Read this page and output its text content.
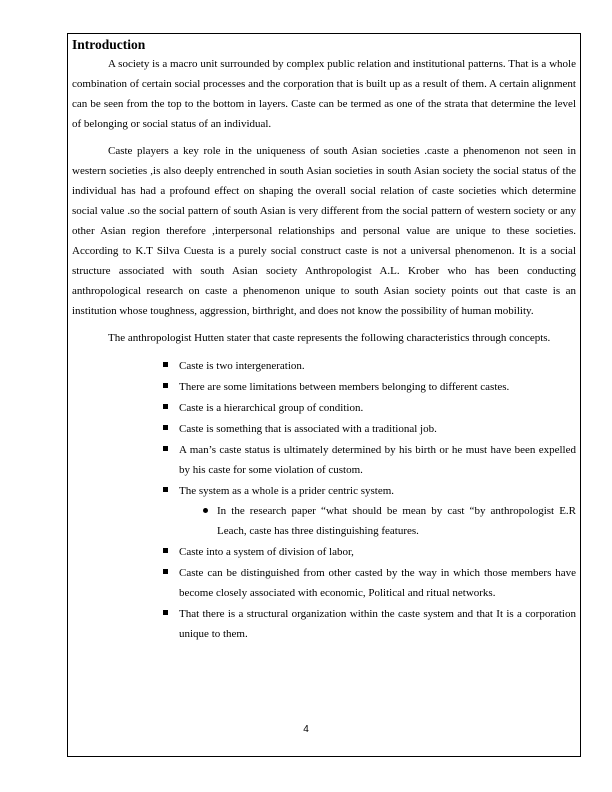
Introduction

A society is a macro unit surrounded by complex public relation and institutional patterns. That is a whole combination of certain social processes and the corporation that is built up as a result of them. A certain alignment can be seen from the top to the bottom in layers. Caste can be termed as one of the strata that determine the level of belonging or social status of an individual.

Caste players a key role in the uniqueness of south Asian societies .caste a phenomenon not seen in western societies ,is also deeply entrenched in south Asian societies in south Asian society the social status of the individual has had a profound effect on shaping the overall social relation of caste societies which determine social value .so the social pattern of south Asian is very different from the social pattern of western society or any other Asian region therefore ,interpersonal relationships and personal value are unique to these societies. According to K.T Silva Cuesta is a purely social construct caste is not a universal phenomenon. It is a social structure associated with south Asian society Anthropologist A.L. Krober who has been conducting anthropological research on caste a phenomenon unique to south Asian society points out that caste is an institution whose toughness, aggression, birthright, and does not know the possibility of human mobility.

The anthropologist Hutten stater that caste represents the following characteristics through concepts.

Caste is two intergeneration.
There are some limitations between members belonging to different castes.
Caste is a hierarchical group of condition.
Caste is something that is associated with a traditional job.
A man’s caste status is ultimately determined by his birth or he must have been expelled by his caste for some violation of custom.
The system as a whole is a prider centric system.
In the research paper “what should be mean by cast “by anthropologist E.R Leach, caste has three distinguishing features.
Caste into a system of division of labor,
Caste can be distinguished from other casted by the way in which those members have become closely associated with economic, Political and ritual networks.
That there is a structural organization within the caste system and that It is a corporation unique to them.
4
